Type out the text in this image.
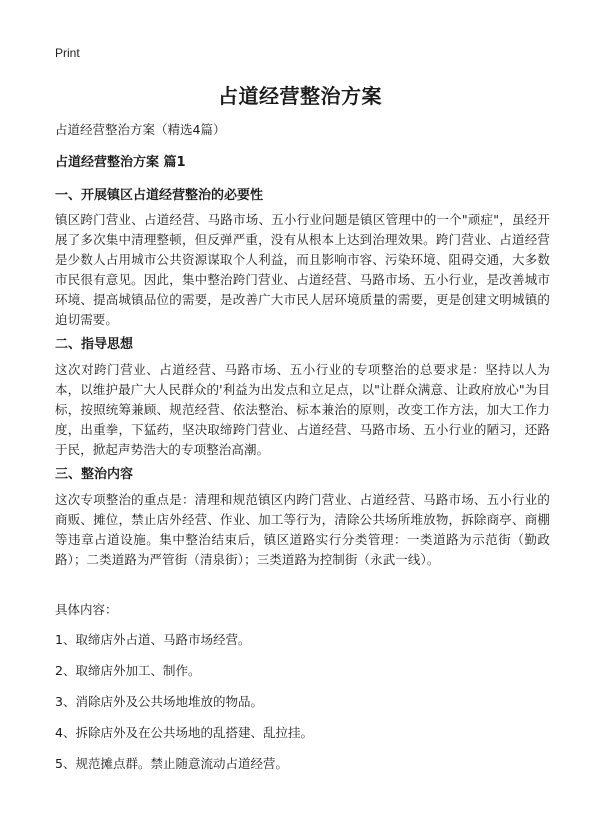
Print
占道经营整治方案
占道经营整治方案（精选4篇）
占道经营整治方案 篇1
一、开展镇区占道经营整治的必要性
镇区跨门营业、占道经营、马路市场、五小行业问题是镇区管理中的一个"顽症"，虽经开展了多次集中清理整顿，但反弹严重，没有从根本上达到治理效果。跨门营业、占道经营是少数人占用城市公共资源谋取个人利益，而且影响市容、污染环境、阻碍交通，大多数市民很有意见。因此，集中整治跨门营业、占道经营、马路市场、五小行业，是改善城市环境、提高城镇品位的需要，是改善广大市民人居环境质量的需要，更是创建文明城镇的迫切需要。
二、指导思想
这次对跨门营业、占道经营、马路市场、五小行业的专项整治的总要求是：坚持以人为本，以维护最广大人民群众的'利益为出发点和立足点，以"让群众满意、让政府放心"为目标，按照统筹兼顾、规范经营、依法整治、标本兼治的原则，改变工作方法，加大工作力度，出重拳，下猛药，坚决取缔跨门营业、占道经营、马路市场、五小行业的陋习，还路于民，掀起声势浩大的专项整治高潮。
三、整治内容
这次专项整治的重点是：清理和规范镇区内跨门营业、占道经营、马路市场、五小行业的商贩、摊位，禁止店外经营、作业、加工等行为，清除公共场所堆放物，拆除商亭、商棚等违章占道设施。集中整治结束后，镇区道路实行分类管理：一类道路为示范街（勤政路）；二类道路为严管街（清泉街）；三类道路为控制街（永武一线）。
具体内容：
1、取缔店外占道、马路市场经营。
2、取缔店外加工、制作。
3、消除店外及公共场地堆放的物品。
4、拆除店外及在公共场地的乱搭建、乱拉挂。
5、规范摊点群。禁止随意流动占道经营。
